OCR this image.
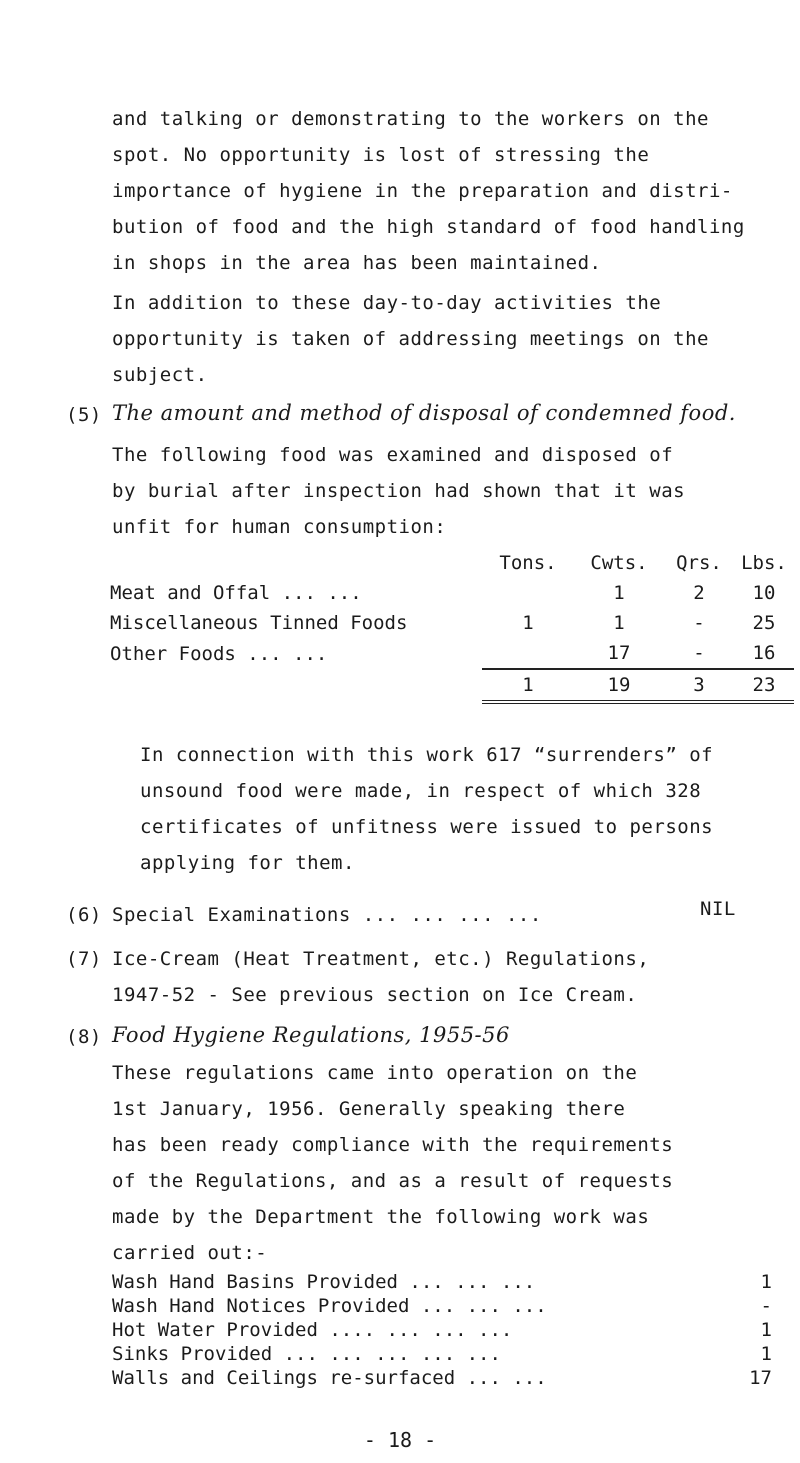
and talking or demonstrating to the workers on the
spot. No opportunity is lost of stressing the
importance of hygiene in the preparation and distri-
bution of food and the high standard of food handling
in shops in the area has been maintained.
In addition to these day-to-day activities the
opportunity is taken of addressing meetings on the
subject.
(5) The amount and method of disposal of condemned food.
The following food was examined and disposed of
by burial after inspection had shown that it was
unfit for human consumption:
	Tons.	Cwts.	Qrs.	Lbs.
Meat and Offal ... ...		1	2	10
Miscellaneous Tinned Foods	1	1	-	25
Other Foods ... ...		17	-	16
	1	19	3	23
In connection with this work 617 “surrenders” of
unsound food were made, in respect of which 328
certificates of unfitness were issued to persons
applying for them.
(6) Special Examinations ... ... ... ...	NIL
(7) Ice-Cream (Heat Treatment, etc.) Regulations,
1947-52 - See previous section on Ice Cream.
(8) Food Hygiene Regulations, 1955-56
These regulations came into operation on the
1st January, 1956. Generally speaking there
has been ready compliance with the requirements
of the Regulations, and as a result of requests
made by the Department the following work was
carried out:-
Wash Hand Basins Provided ... ... ...	1
Wash Hand Notices Provided ... ... ...	-
Hot Water Provided .... ... ... ...	1
Sinks Provided ... ... ... ... ...	1
Walls and Ceilings re-surfaced ... ...	17
- 18 -
